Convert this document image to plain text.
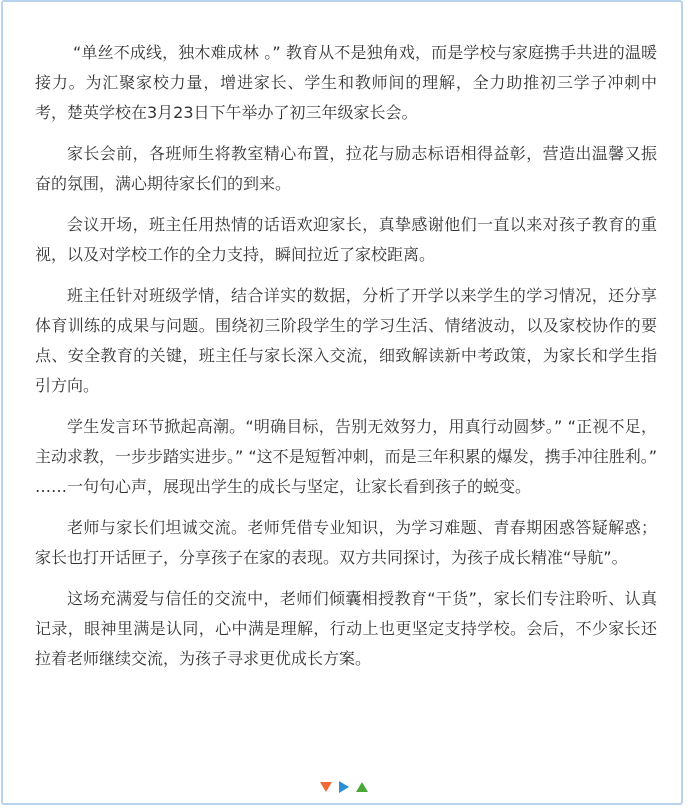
“单丝不成线，独木难成林 。” 教育从不是独角戏，而是学校与家庭携手共进的温暖接力。为汇聚家校力量，增进家长、学生和教师间的理解，全力助推初三学子冲刺中考，楚英学校在3月23日下午举办了初三年级家长会。

家长会前，各班师生将教室精心布置，拉花与励志标语相得益彰，营造出温馨又振奋的氛围，满心期待家长们的到来。

会议开场，班主任用热情的话语欢迎家长，真挚感谢他们一直以来对孩子教育的重视，以及对学校工作的全力支持，瞬间拉近了家校距离。

班主任针对班级学情，结合详实的数据，分析了开学以来学生的学习情况，还分享体育训练的成果与问题。围绕初三阶段学生的学习生活、情绪波动，以及家校协作的要点、安全教育的关键，班主任与家长深入交流，细致解读新中考政策，为家长和学生指引方向。

学生发言环节掀起高潮。“明确目标，告别无效努力，用真行动圆梦。” “正视不足，主动求教，一步步踏实进步。” “这不是短暂冲刺，而是三年积累的爆发，携手冲往胜利。” ……一句句心声，展现出学生的成长与坚定，让家长看到孩子的蜕变。

老师与家长们坦诚交流。老师凭借专业知识，为学习难题、青春期困惑答疑解惑；家长也打开话匣子，分享孩子在家的表现。双方共同探讨，为孩子成长精准“导航”。

这场充满爱与信任的交流中，老师们倾囊相授教育“干货”，家长们专注聆听、认真记录，眼神里满是认同，心中满是理解，行动上也更坚定支持学校。会后，不少家长还拉着老师继续交流，为孩子寻求更优成长方案。
